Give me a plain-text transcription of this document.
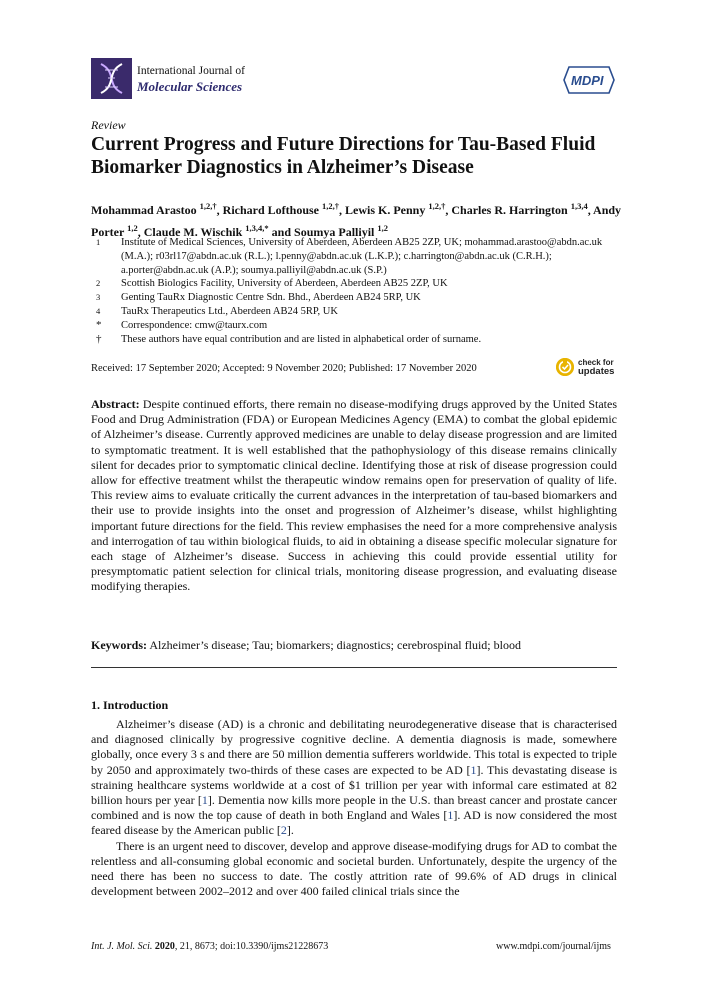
International Journal of
Molecular Sciences	MDPI
Review
Current Progress and Future Directions for Tau-Based Fluid Biomarker Diagnostics in Alzheimer’s Disease
Mohammad Arastoo $^{1,2,\dagger}$, Richard Lofthouse $^{1,2,\dagger}$, Lewis K. Penny $^{1,2,\dagger}$, Charles R. Harrington $^{1,3,4}$, Andy Porter $^{1,2}$, Claude M. Wischik $^{1,3,4,*}$ and Soumya Palliyil $^{1,2}$
1	Institute of Medical Sciences, University of Aberdeen, Aberdeen AB25 2ZP, UK; mohammad.arastoo@abdn.ac.uk (M.A.); r03rl17@abdn.ac.uk (R.L.); l.penny@abdn.ac.uk (L.K.P.); c.harrington@abdn.ac.uk (C.R.H.); a.porter@abdn.ac.uk (A.P.); soumya.palliyil@abdn.ac.uk (S.P.)
2	Scottish Biologics Facility, University of Aberdeen, Aberdeen AB25 2ZP, UK
3	Genting TauRx Diagnostic Centre Sdn. Bhd., Aberdeen AB24 5RP, UK
4	TauRx Therapeutics Ltd., Aberdeen AB24 5RP, UK
*	Correspondence: cmw@taurx.com
†	These authors have equal contribution and are listed in alphabetical order of surname.
Received: 17 September 2020; Accepted: 9 November 2020; Published: 17 November 2020
check for
updates
Abstract: Despite continued efforts, there remain no disease-modifying drugs approved by the United States Food and Drug Administration (FDA) or European Medicines Agency (EMA) to combat the global epidemic of Alzheimer’s disease. Currently approved medicines are unable to delay disease progression and are limited to symptomatic treatment. It is well established that the pathophysiology of this disease remains clinically silent for decades prior to symptomatic clinical decline. Identifying those at risk of disease progression could allow for effective treatment whilst the therapeutic window remains open for preservation of quality of life. This review aims to evaluate critically the current advances in the interpretation of tau-based biomarkers and their use to provide insights into the onset and progression of Alzheimer’s disease, whilst highlighting important future directions for the field. This review emphasises the need for a more comprehensive analysis and interrogation of tau within biological fluids, to aid in obtaining a disease specific molecular signature for each stage of Alzheimer’s disease. Success in achieving this could provide essential utility for presymptomatic patient selection for clinical trials, monitoring disease progression, and evaluating disease modifying therapies.
Keywords: Alzheimer’s disease; Tau; biomarkers; diagnostics; cerebrospinal fluid; blood
1. Introduction

Alzheimer’s disease (AD) is a chronic and debilitating neurodegenerative disease that is characterised and diagnosed clinically by progressive cognitive decline. A dementia diagnosis is made, somewhere globally, once every 3 s and there are 50 million dementia sufferers worldwide. This total is expected to triple by 2050 and approximately two-thirds of these cases are expected to be AD [1]. This devastating disease is straining healthcare systems worldwide at a cost of $1 trillion per year with informal care estimated at 82 billion hours per year [1]. Dementia now kills more people in the U.S. than breast cancer and prostate cancer combined and is now the top cause of death in both England and Wales [1]. AD is now considered the most feared disease by the American public [2].

There is an urgent need to discover, develop and approve disease-modifying drugs for AD to combat the relentless and all-consuming global economic and societal burden. Unfortunately, despite the urgency of the need there has been no success to date. The costly attrition rate of 99.6% of AD drugs in clinical development between 2002–2012 and over 400 failed clinical trials since the

Int. J. Mol. Sci. 2020, 21, 8673; doi:10.3390/ijms21228673	www.mdpi.com/journal/ijms
